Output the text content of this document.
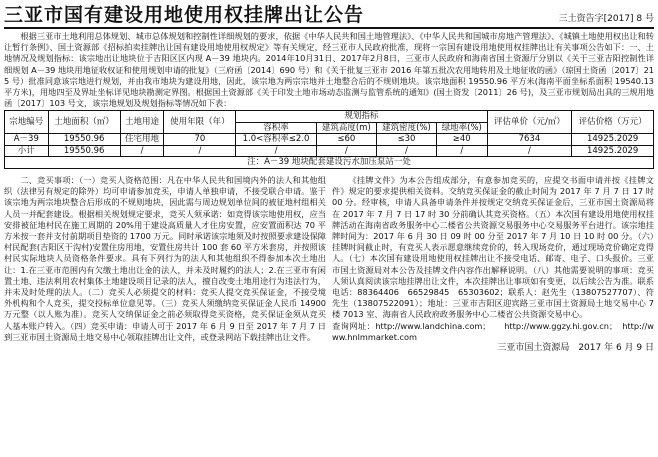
三亚市国有建设用地使用权挂牌出让公告	三土资告字[2017] 8 号

根据三亚市土地利用总体规划、城市总体规划和控制性详细规划的要求，依据《中华人民共和国土地管理法》、《中华人民共和国城市房地产管理法》、《城镇土地使用权出让和转让暂行条例》、国土资源部《招标拍卖挂牌出让国有建设用地使用权规定》等有关规定，经三亚市人民政府批准，现将一宗国有建设用地使用权挂牌出让有关事项公告如下：一、土地情况及规划指标：该宗地出让地块位于吉阳区区内现 A－39 地块内。2014年10月31日、2017年2月8日，三亚市人民政府和海南省国土资源厅分别以《关于三亚吉阳控制性详细规划 A－39 地块用地征收权证和使用规划申请的批复》（三府函〔2014〕690 号）和《关于批复三亚市 2016 年第五批次农用地转用及土地征收的函》（琼国土资函〔2017〕215 号）批准同意该宗地进行规划，并由我市地块为建设用地，因此，该宗地为两宗宗地并土地整合后的不规则地块。该宗地面积 19550.96 平方米(海南平面坐标系面积 19540.13 平方米)，用地四至及界址坐标详见地块勘测定界图。根据国土资源部《关于印发土地市场动态监测与监管系统的通知》(国土资发〔2011〕26 号)，及三亚市规划局出具的三规用地函〔2017〕103 号文，该宗地规划及规划指标等情况如下表：

宗地编号	土地面积（㎡）	土地用途	使用年限（年）	规划指标				评估单价（元/㎡）	评估价格（万元）
				容积率	建筑高度(m)	建筑密度(%)	绿地率(%)		
A－39	19550.96	住宅用地	70	1.0<容积率≤2.0	≤60	≤30	≥40	7634	14925.2029
小计	19550.96	/	/	/	/	/	/	/	14925.2029
注：A－39 地块配套建设污水加压泵站一处									

二、竞买事项：（一）竞买人资格范围：凡在中华人民共和国境内外的法人和其他组织（法律另有规定的除外）均可申请参加竞买，申请人单独申请，不接受联合申请。鉴于该宗地为两宗地块整合后形成的不规则地块，因此需与周边规划单位间的被征地村组相关人员一并配套建设。根据相关规划规定要求，竞买人须承诺：如竞得该宗地使用权，应当安排被征地村民在施工周期的 20%用于建设高质量人才住房安置，应安置面积达 70 平方米按一套并支付前期项目垫资的 1700 万元。同时承诺该宗地须及时按照要求建设保障村民配套(吉阳区干沟村)安置住房用地，安置住房共计 100 套 60 平方米套房，并按照该村民实际地块人员资格条件要求。具有下列行为的法人和其他组织不得参加本次土地出让：1.在三亚市范围内有欠缴土地出让金的法人，并未及时履约的法人；2.在三亚市有闲置土地、违法利用农村集体土地建设项目记录的法人，擅自改变土地用途行为违法行为，并未及时处理的法人。（二）竞买人必须提交的材料：竞买人提交竞买保证金，不接受境外机构和个人竞买，提交投标单位意见等。（三）竞买人须缴纳竞买保证金人民币 14900 万元整（以人账为准）。竞买人交纳保证金之前必须取得竞买资格，竞买保证金须从竞买人基本账户转入。（四）竞买申请：申请人可于 2017 年 6 月 9 日至 2017 年 7 月 7 日到三亚市国土资源局土地交易中心领取挂牌出让文件，或登录网站下载挂牌出让文件。

《挂牌文件》为本公告组成部分，有意参加竞买的，应提交书面申请并按《挂牌文件》规定的要求提供相关资料。交纳竞买保证金的截止时间为 2017 年 7 月 7 日 17 时 00 分。经审核，申请人具备申请条件并按规定交纳竞买保证金后，三亚市国土资源局将在 2017 年 7 月 7 日 17 时 30 分前确认其竞买资格。（五）本次国有建设用地使用权挂牌活动在海南省政务服务中心二楼省公共资源交易服务中心交易服务平台进行。该宗地挂牌时间为：2017 年 6 月 30 日 09 时 00 分至 2017 年 7 月 10 日 10 时 00 分。（六）挂牌时间截止时，有竞买人表示愿意继续竞价的，转入现场竞价，通过现场竞价确定竞得人。（七）本次国有建设用地使用权挂牌出让不接受电话、邮寄、电子、口头报价。三亚市国土资源局对本公告及挂牌文件内容作出解释说明。（八）其他需要说明的事项：竞买人须认真阅读该宗地挂牌出让文件，本次挂牌出让事项如有变更，以后续公告为准。联系电话：88364406　66529845　65303602；联系人：赵先生（13807527707）、符先生（13807522091）；地址：三亚市吉阳区迎宾路三亚市国土资源局土地交易中心 7 楼 7013 室、海南省人民政府政务服务中心二楼省公共资源交易中心。

查询网址：http://www.landchina.com；　　http://www.ggzy.hi.gov.cn；　http://www.hnlmmarket.com

三亚市国土资源局　2017 年 6 月 9 日
